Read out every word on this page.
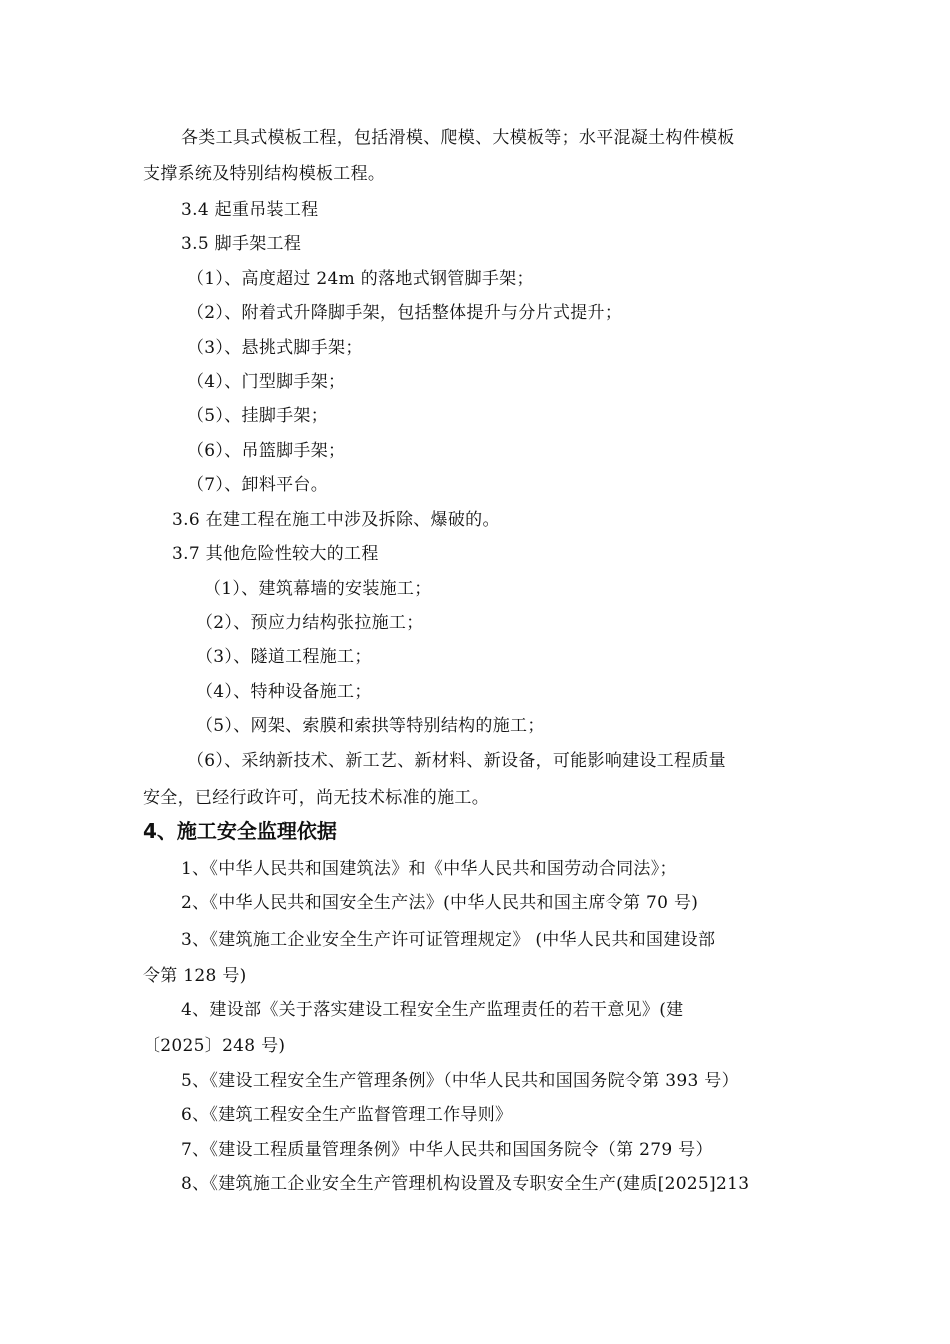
各类工具式模板工程，包括滑模、爬模、大模板等；水平混凝土构件模板
支撑系统及特别结构模板工程。
3.4 起重吊装工程
3.5 脚手架工程
（1）、高度超过 24m 的落地式钢管脚手架；
（2）、附着式升降脚手架，包括整体提升与分片式提升；
（3）、悬挑式脚手架；
（4）、门型脚手架；
（5）、挂脚手架；
（6）、吊篮脚手架；
（7）、卸料平台。
3.6 在建工程在施工中涉及拆除、爆破的。
3.7 其他危险性较大的工程
（1）、建筑幕墙的安装施工；
（2）、预应力结构张拉施工；
（3）、隧道工程施工；
（4）、特种设备施工；
（5）、网架、索膜和索拱等特别结构的施工；
（6）、采纳新技术、新工艺、新材料、新设备，可能影响建设工程质量
安全，已经行政许可，尚无技术标准的施工。
4、施工安全监理依据
1、《中华人民共和国建筑法》和《中华人民共和国劳动合同法》；
2、《中华人民共和国安全生产法》(中华人民共和国主席令第 70 号)
3、《建筑施工企业安全生产许可证管理规定》 (中华人民共和国建设部
令第 128 号)
4、建设部《关于落实建设工程安全生产监理责任的若干意见》(建
〔2025〕248 号)
5、《建设工程安全生产管理条例》（中华人民共和国国务院令第 393 号）
6、《建筑工程安全生产监督管理工作导则》
7、《建设工程质量管理条例》中华人民共和国国务院令（第 279 号）
8、《建筑施工企业安全生产管理机构设置及专职安全生产(建质[2025]213
